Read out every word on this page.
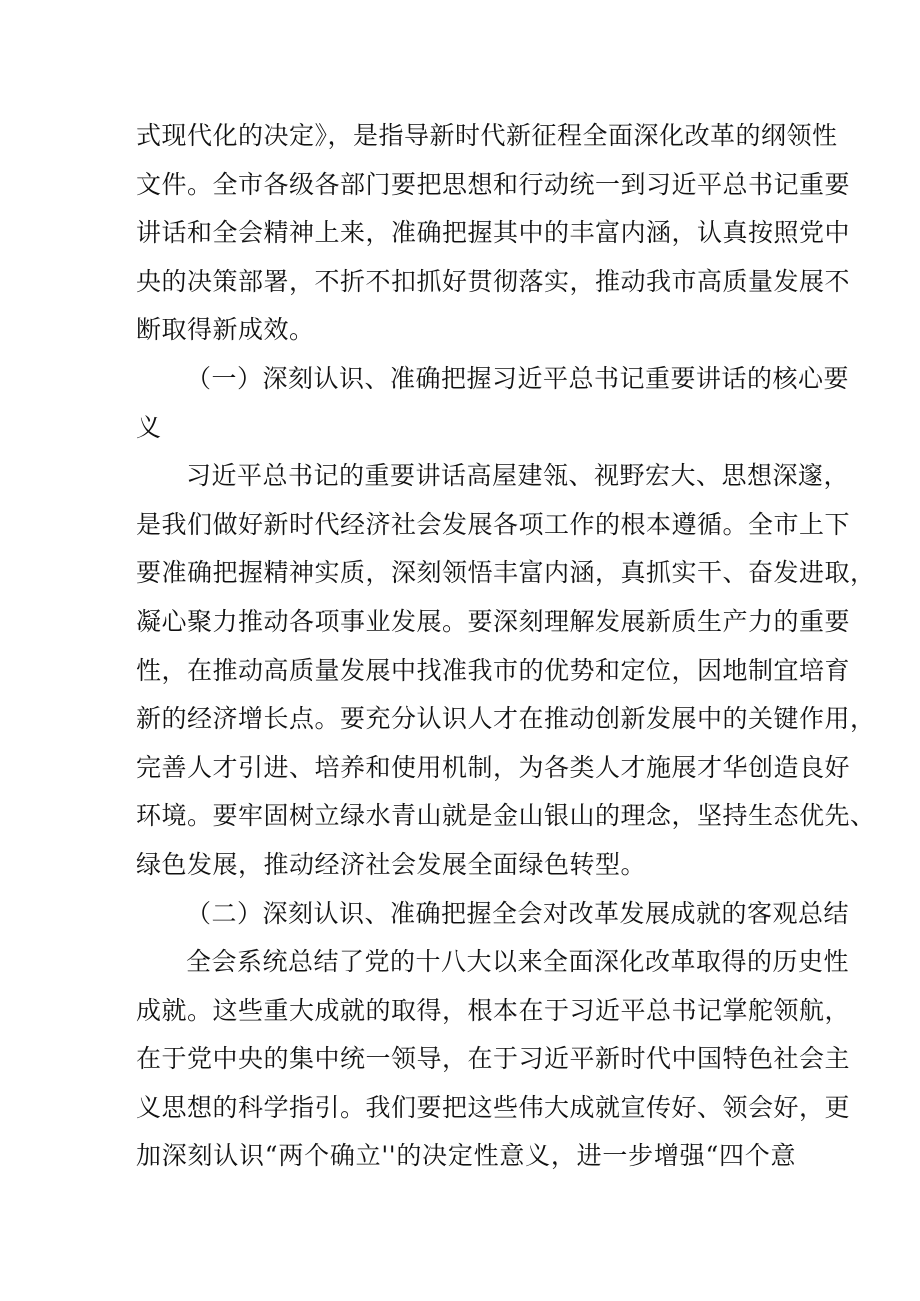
式现代化的决定》，是指导新时代新征程全面深化改革的纲领性
文件。全市各级各部门要把思想和行动统一到习近平总书记重要
讲话和全会精神上来，准确把握其中的丰富内涵，认真按照党中
央的决策部署，不折不扣抓好贯彻落实，推动我市高质量发展不
断取得新成效。
（一）深刻认识、准确把握习近平总书记重要讲话的核心要
义
习近平总书记的重要讲话高屋建瓴、视野宏大、思想深邃，
是我们做好新时代经济社会发展各项工作的根本遵循。全市上下
要准确把握精神实质，深刻领悟丰富内涵，真抓实干、奋发进取，
凝心聚力推动各项事业发展。要深刻理解发展新质生产力的重要
性，在推动高质量发展中找准我市的优势和定位，因地制宜培育
新的经济增长点。要充分认识人才在推动创新发展中的关键作用，
完善人才引进、培养和使用机制，为各类人才施展才华创造良好
环境。要牢固树立绿水青山就是金山银山的理念，坚持生态优先、
绿色发展，推动经济社会发展全面绿色转型。
（二）深刻认识、准确把握全会对改革发展成就的客观总结
全会系统总结了党的十八大以来全面深化改革取得的历史性
成就。这些重大成就的取得，根本在于习近平总书记掌舵领航，
在于党中央的集中统一领导，在于习近平新时代中国特色社会主
义思想的科学指引。我们要把这些伟大成就宣传好、领会好，更
加深刻认识“两个确立''的决定性意义，进一步增强“四个意
